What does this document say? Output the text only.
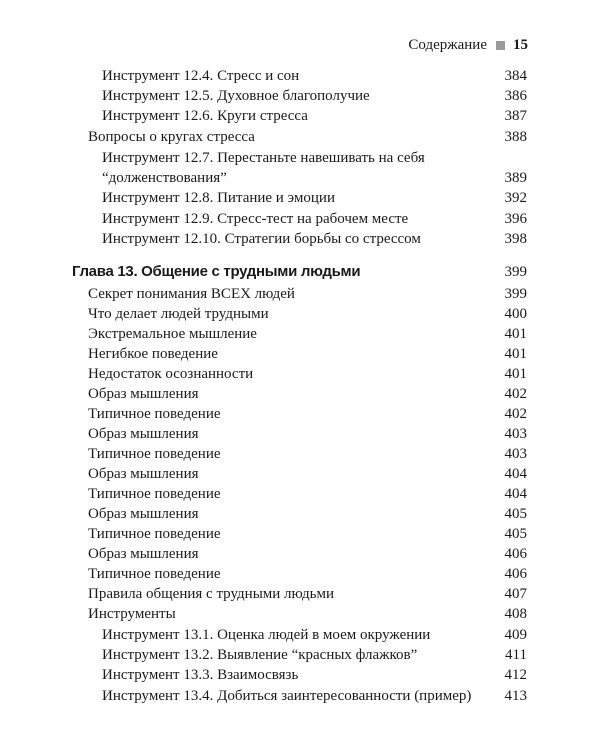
Содержание 15
Инструмент 12.4. Стресс и сон	384
Инструмент 12.5. Духовное благополучие	386
Инструмент 12.6. Круги стресса	387
Вопросы о кругах стресса	388
Инструмент 12.7. Перестаньте навешивать на себя “долженствования”	389
Инструмент 12.8. Питание и эмоции	392
Инструмент 12.9. Стресс-тест на рабочем месте	396
Инструмент 12.10. Стратегии борьбы со стрессом	398
Глава 13. Общение с трудными людьми	399
Секрет понимания ВСЕХ людей	399
Что делает людей трудными	400
Экстремальное мышление	401
Негибкое поведение	401
Недостаток осознанности	401
Образ мышления	402
Типичное поведение	402
Образ мышления	403
Типичное поведение	403
Образ мышления	404
Типичное поведение	404
Образ мышления	405
Типичное поведение	405
Образ мышления	406
Типичное поведение	406
Правила общения с трудными людьми	407
Инструменты	408
Инструмент 13.1. Оценка людей в моем окружении	409
Инструмент 13.2. Выявление “красных флажков”	411
Инструмент 13.3. Взаимосвязь	412
Инструмент 13.4. Добиться заинтересованности (пример) 413
